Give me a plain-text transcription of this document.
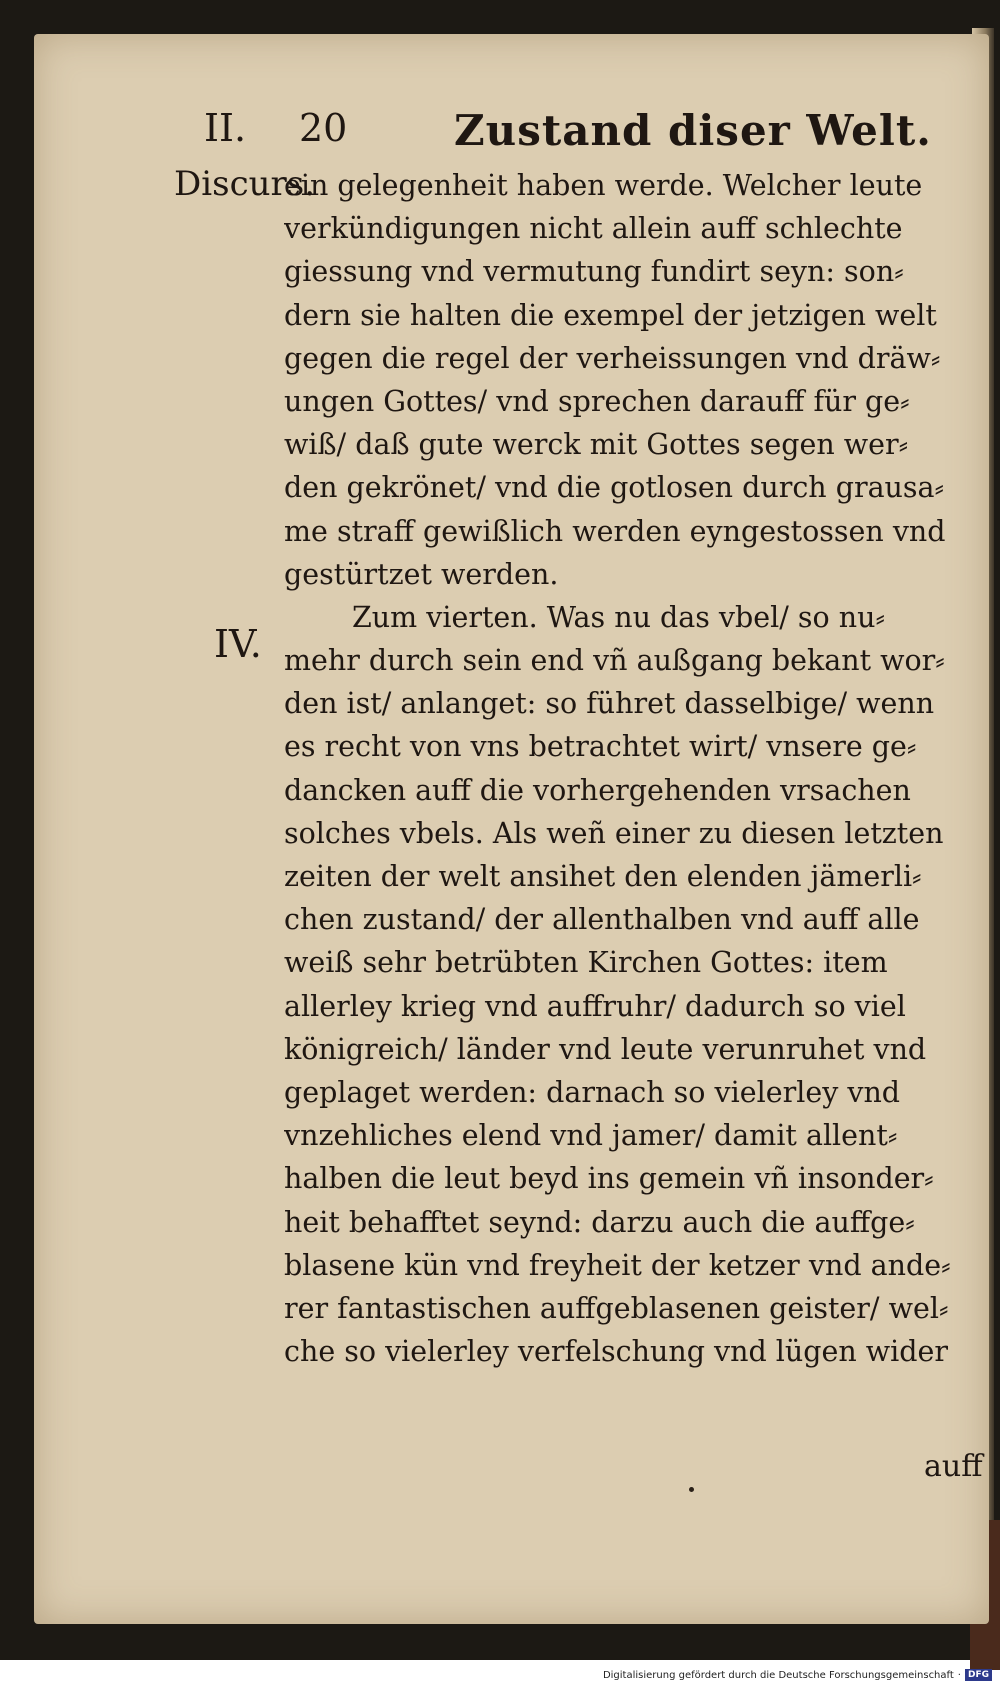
II. 20	Zustand diser Welt.
Discurs.
IV.
ein gelegenheit haben werde. Welcher leute
verkündigungen nicht allein auff schlechte
giessung vnd vermutung fundirt seyn: son⸗
dern sie halten die exempel der jetzigen welt
gegen die regel der verheissungen vnd dräw⸗
ungen Gottes/ vnd sprechen darauff für ge⸗
wiß/ daß gute werck mit Gottes segen wer⸗
den gekrönet/ vnd die gotlosen durch grausa⸗
me straff gewißlich werden eyngestossen vnd
gestürtzet werden.
Zum vierten. Was nu das vbel/ so nu⸗
mehr durch sein end vñ außgang bekant wor⸗
den ist/ anlanget: so führet dasselbige/ wenn
es recht von vns betrachtet wirt/ vnsere ge⸗
dancken auff die vorhergehenden vrsachen
solches vbels. Als weñ einer zu diesen letzten
zeiten der welt ansihet den elenden jämerli⸗
chen zustand/ der allenthalben vnd auff alle
weiß sehr betrübten Kirchen Gottes: item
allerley krieg vnd auffruhr/ dadurch so viel
königreich/ länder vnd leute verunruhet vnd
geplaget werden: darnach so vielerley vnd
vnzehliches elend vnd jamer/ damit allent⸗
halben die leut beyd ins gemein vñ insonder⸗
heit behafftet seynd: darzu auch die auffge⸗
blasene kün vnd freyheit der ketzer vnd ande⸗
rer fantastischen auffgeblasenen geister/ wel⸗
che so vielerley verfelschung vnd lügen wider
auff
Digitalisierung gefördert durch die Deutsche Forschungsgemeinschaft · DFG
